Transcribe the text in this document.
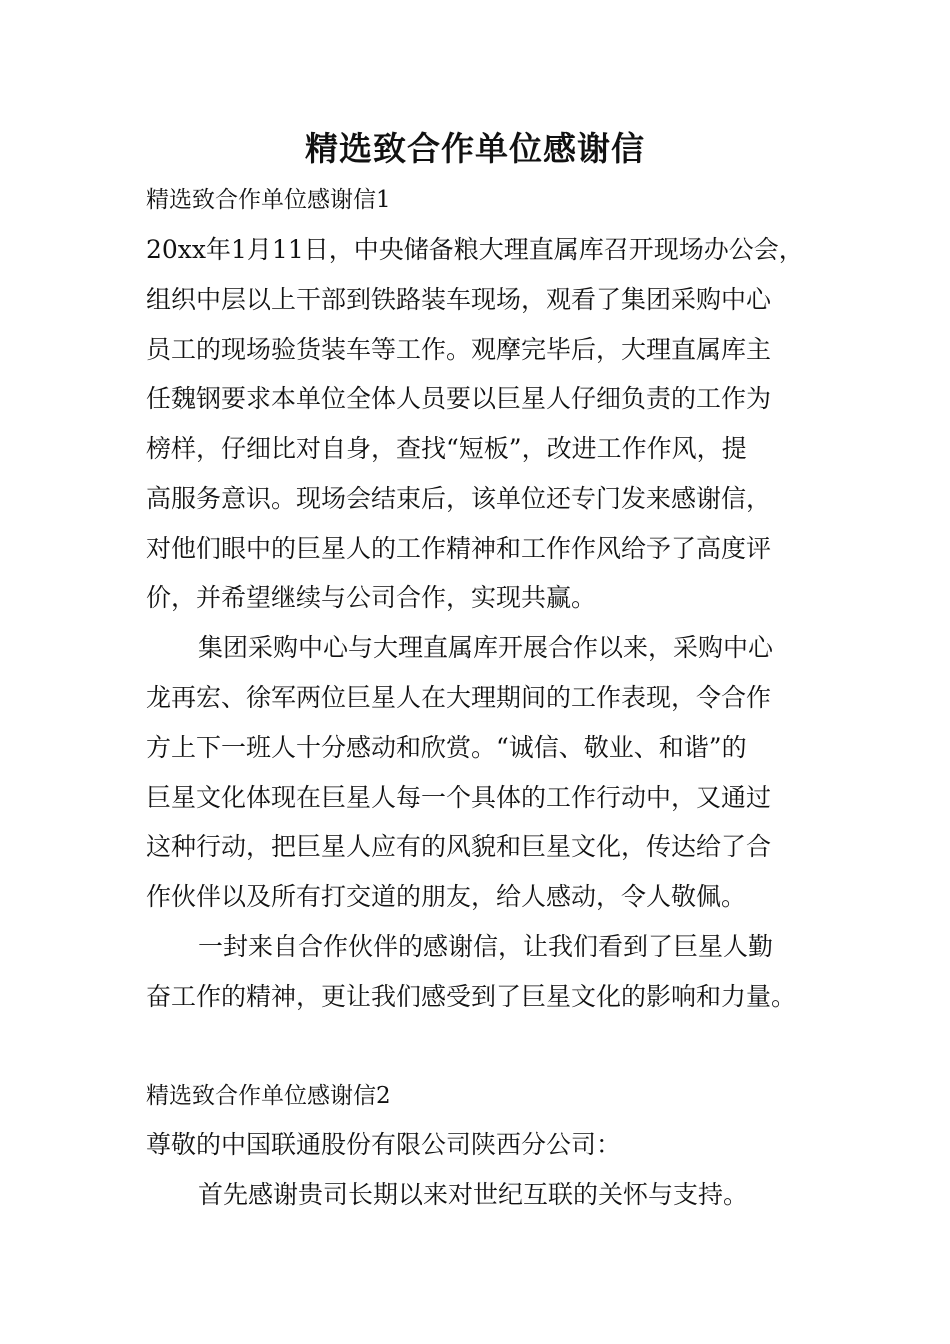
精选致合作单位感谢信

精选致合作单位感谢信1

20xx年1月11日，中央储备粮大理直属库召开现场办公会，

组织中层以上干部到铁路装车现场，观看了集团采购中心

员工的现场验货装车等工作。观摩完毕后，大理直属库主

任魏钢要求本单位全体人员要以巨星人仔细负责的工作为

榜样，仔细比对自身，查找“短板”，改进工作作风，提

高服务意识。现场会结束后，该单位还专门发来感谢信，

对他们眼中的巨星人的工作精神和工作作风给予了高度评

价，并希望继续与公司合作，实现共赢。

集团采购中心与大理直属库开展合作以来，采购中心

龙再宏、徐军两位巨星人在大理期间的工作表现，令合作

方上下一班人十分感动和欣赏。“诚信、敬业、和谐”的

巨星文化体现在巨星人每一个具体的工作行动中，又通过

这种行动，把巨星人应有的风貌和巨星文化，传达给了合

作伙伴以及所有打交道的朋友，给人感动，令人敬佩。

一封来自合作伙伴的感谢信，让我们看到了巨星人勤

奋工作的精神，更让我们感受到了巨星文化的影响和力量。

精选致合作单位感谢信2

尊敬的中国联通股份有限公司陕西分公司：

首先感谢贵司长期以来对世纪互联的关怀与支持。
